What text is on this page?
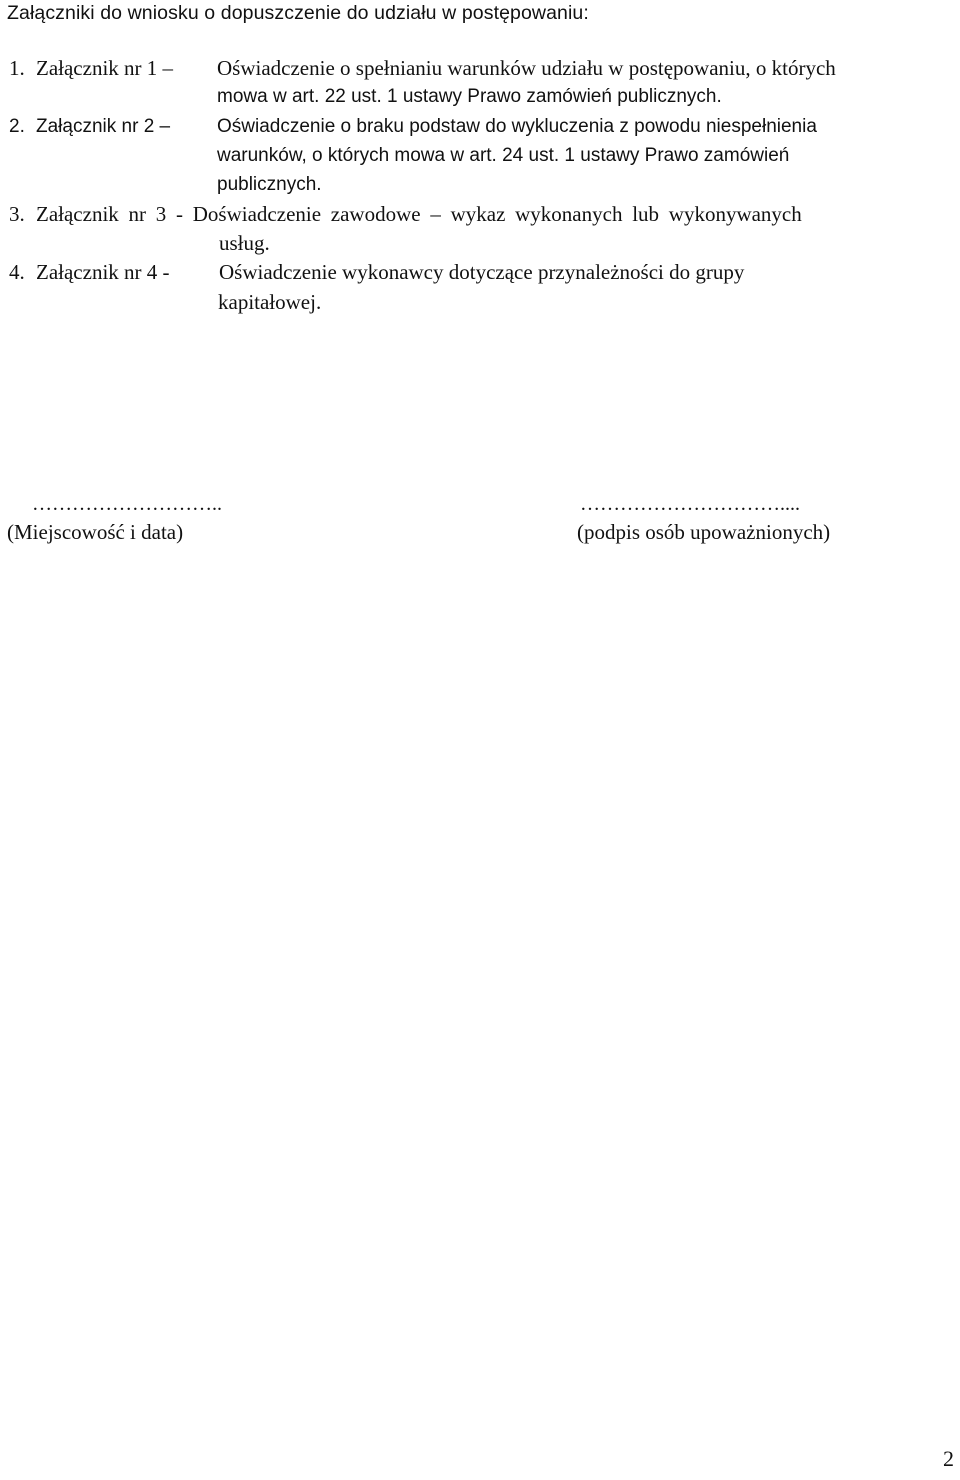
Załączniki do wniosku o dopuszczenie do udziału w postępowaniu:
1. Załącznik nr 1 – Oświadczenie o spełnianiu warunków udziału w postępowaniu, o których
mowa w art. 22 ust. 1 ustawy Prawo zamówień publicznych.
2. Załącznik nr 2 – Oświadczenie o braku podstaw do wykluczenia z powodu niespełnienia
warunków, o których mowa w art. 24 ust. 1 ustawy Prawo zamówień
publicznych.
3. Załącznik nr 3 - Doświadczenie zawodowe – wykaz wykonanych lub wykonywanych
usług.
4. Załącznik nr 4 - Oświadczenie wykonawcy dotyczące przynależności do grupy
kapitałowej.
………………………..
(Miejscowość i data)
…………………………....
(podpis osób upoważnionych)
2
